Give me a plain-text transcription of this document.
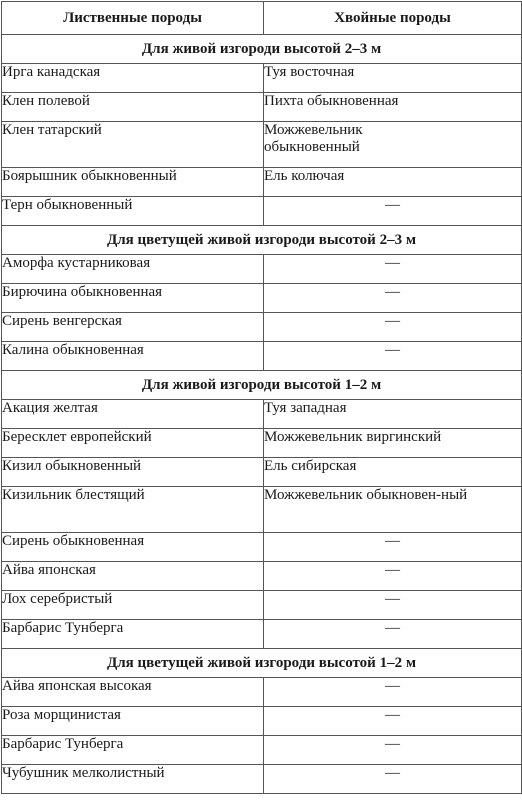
Лиственные породы	Хвойные породы
Для живой изгороди высотой 2–3 м	
Ирга канадская	Туя восточная
Клен полевой	Пихта обыкновенная
Клен татарский	Можжевельник обыкновенный

Боярышник обыкновенный	Ель колючая
Терн обыкновенный	—
Для цветущей живой изгороди высотой 2–3 м	
Аморфа кустарниковая	—
Бирючина обыкновенная	—
Сирень венгерская	—
Калина обыкновенная	—
Для живой изгороди высотой 1–2 м	
Акация желтая	Туя западная
Бересклет европейский	Можжевельник виргинский
Кизил обыкновенный	Ель сибирская
Кизильник блестящий	Можжевельник обыкновен-ный

Сирень обыкновенная	—
Айва японская	—
Лох серебристый	—
Барбарис Тунберга	—
Для цветущей живой изгороди высотой 1–2 м	
Айва японская высокая	—
Роза морщинистая	—
Барбарис Тунберга	—
Чубушник мелколистный	—
